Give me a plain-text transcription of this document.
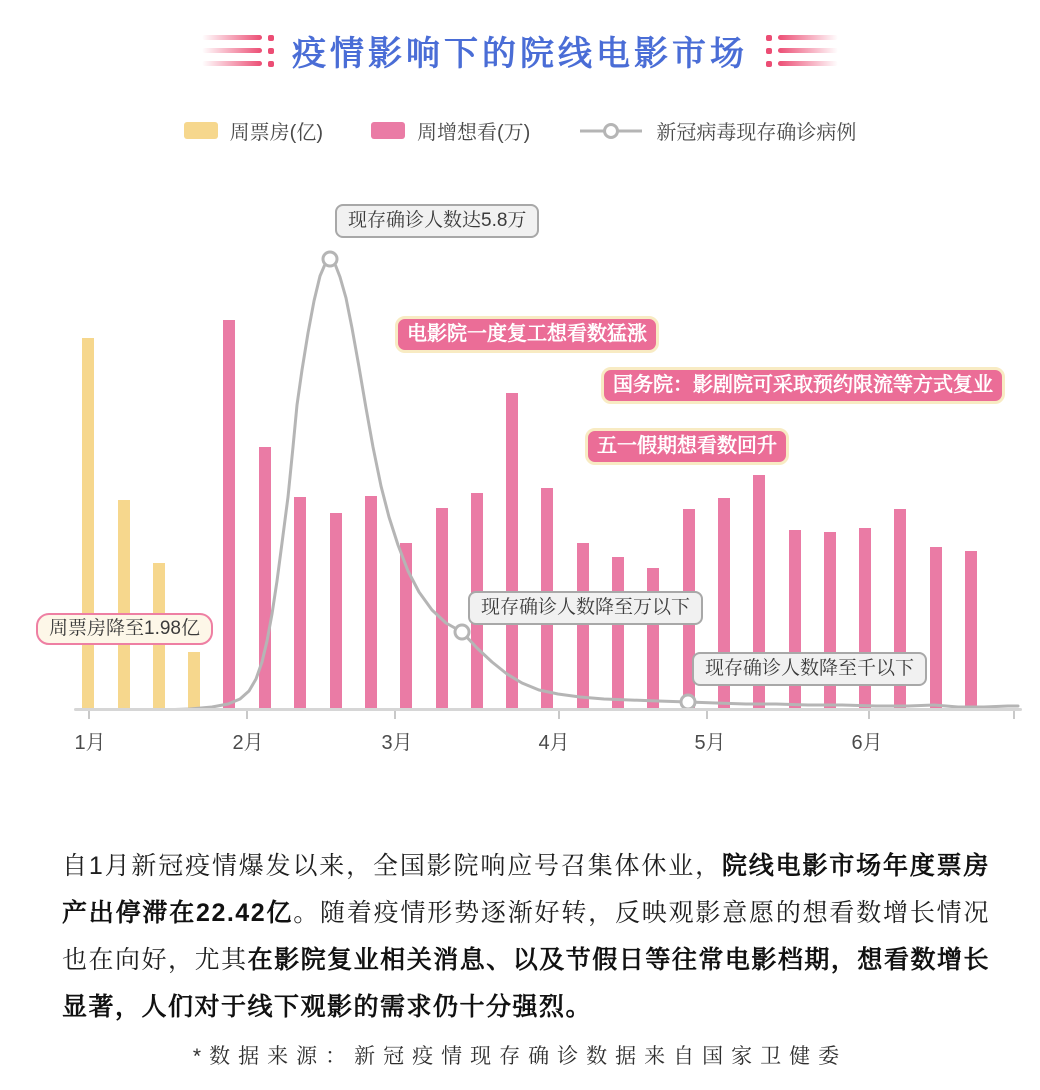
疫情影响下的院线电影市场
周票房(亿)	周增想看(万)	新冠病毒现存确诊病例
1月	2月	3月	4月	5月	6月
现存确诊人数达5.8万
电影院一度复工想看数猛涨
国务院：影剧院可采取预约限流等方式复业
五一假期想看数回升
现存确诊人数降至万以下
现存确诊人数降至千以下
周票房降至1.98亿

自1月新冠疫情爆发以来，全国影院响应号召集体休业，院线电影市场年度票房产出停滞在22.42亿。随着疫情形势逐渐好转，反映观影意愿的想看数增长情况也在向好，尤其在影院复业相关消息、以及节假日等往常电影档期，想看数增长显著，人们对于线下观影的需求仍十分强烈。

*数据来源：新冠疫情现存确诊数据来自国家卫健委
